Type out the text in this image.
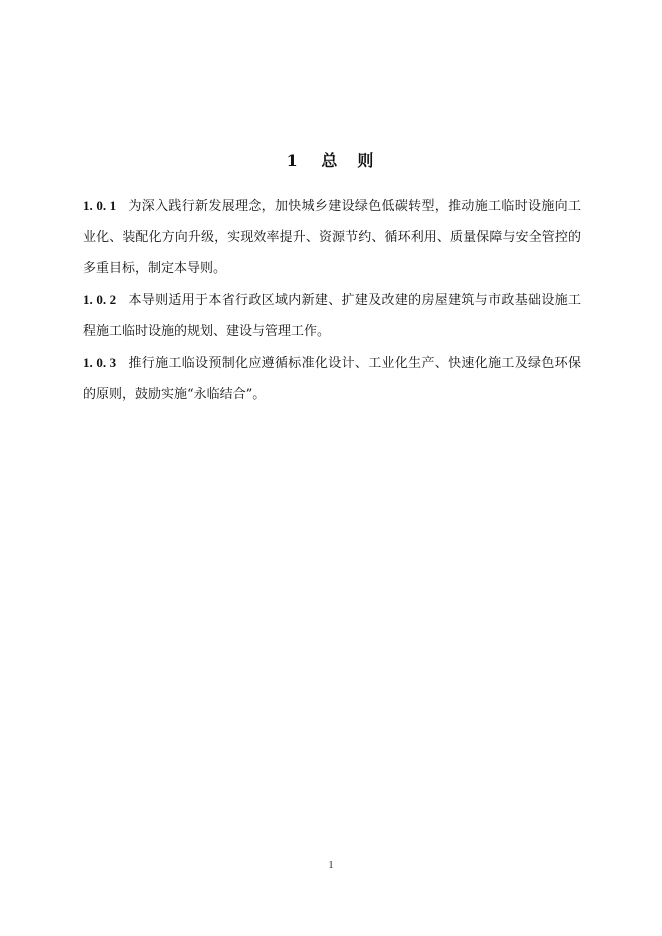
1 总　则

1. 0. 1 为深入践行新发展理念，加快城乡建设绿色低碳转型，推动施工临时设施向工业化、装配化方向升级，实现效率提升、资源节约、循环利用、质量保障与安全管控的多重目标，制定本导则。

1. 0. 2 本导则适用于本省行政区域内新建、扩建及改建的房屋建筑与市政基础设施工程施工临时设施的规划、建设与管理工作。

1. 0. 3 推行施工临设预制化应遵循标准化设计、工业化生产、快速化施工及绿色环保的原则，鼓励实施“永临结合”。

1
